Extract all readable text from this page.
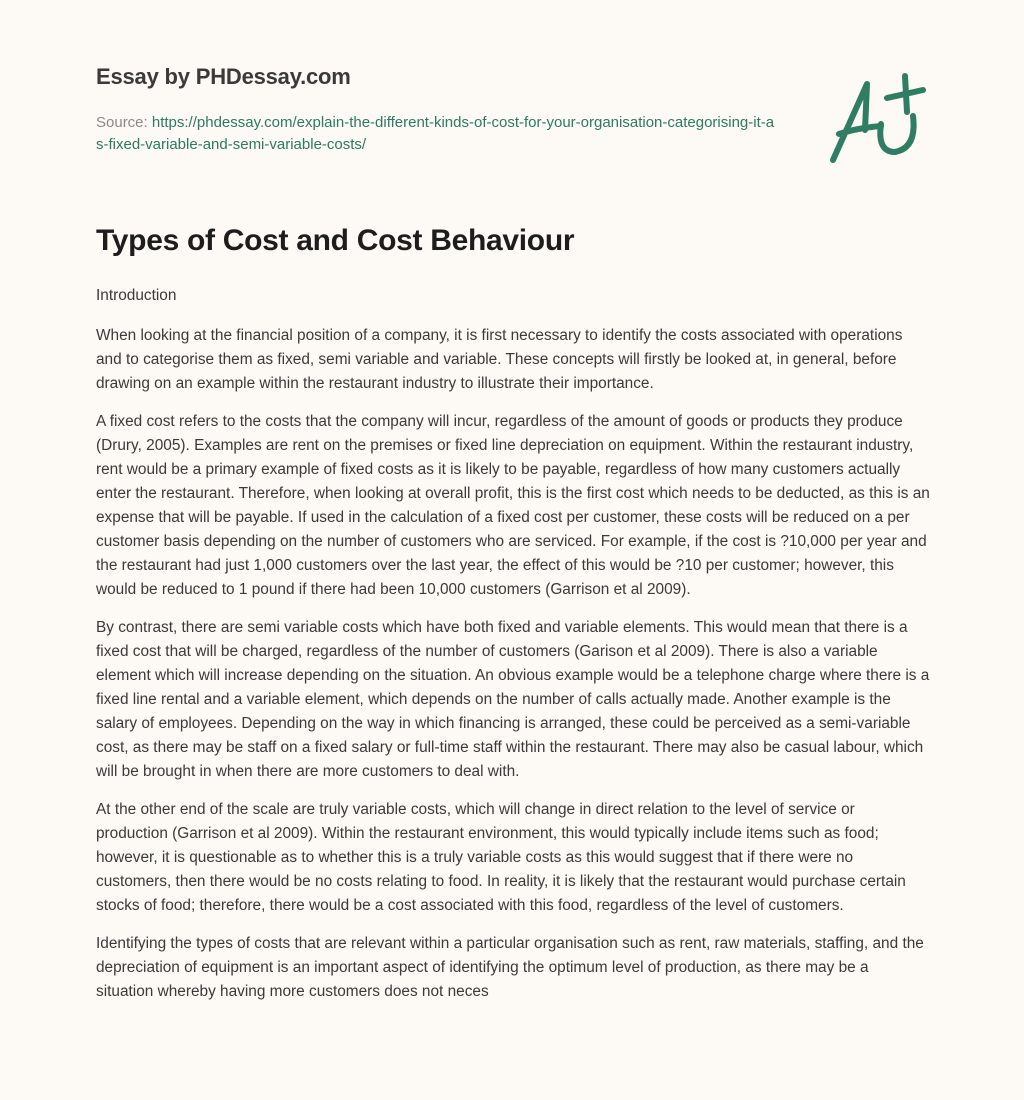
Essay by PHDessay.com
Source: https://phdessay.com/explain-the-different-kinds-of-cost-for-your-organisation-categorising-it-as-fixed-variable-and-semi-variable-costs/
Types of Cost and Cost Behaviour

Introduction

When looking at the financial position of a company, it is first necessary to identify the costs associated with operations and to categorise them as fixed, semi variable and variable. These concepts will firstly be looked at, in general, before drawing on an example within the restaurant industry to illustrate their importance.

A fixed cost refers to the costs that the company will incur, regardless of the amount of goods or products they produce (Drury, 2005). Examples are rent on the premises or fixed line depreciation on equipment. Within the restaurant industry, rent would be a primary example of fixed costs as it is likely to be payable, regardless of how many customers actually enter the restaurant. Therefore, when looking at overall profit, this is the first cost which needs to be deducted, as this is an expense that will be payable. If used in the calculation of a fixed cost per customer, these costs will be reduced on a per customer basis depending on the number of customers who are serviced. For example, if the cost is ?10,000 per year and the restaurant had just 1,000 customers over the last year, the effect of this would be ?10 per customer; however, this would be reduced to 1 pound if there had been 10,000 customers (Garrison et al 2009).

By contrast, there are semi variable costs which have both fixed and variable elements. This would mean that there is a fixed cost that will be charged, regardless of the number of customers (Garison et al 2009). There is also a variable element which will increase depending on the situation. An obvious example would be a telephone charge where there is a fixed line rental and a variable element, which depends on the number of calls actually made. Another example is the salary of employees. Depending on the way in which financing is arranged, these could be perceived as a semi-variable cost, as there may be staff on a fixed salary or full-time staff within the restaurant. There may also be casual labour, which will be brought in when there are more customers to deal with.

At the other end of the scale are truly variable costs, which will change in direct relation to the level of service or production (Garrison et al 2009). Within the restaurant environment, this would typically include items such as food; however, it is questionable as to whether this is a truly variable costs as this would suggest that if there were no customers, then there would be no costs relating to food. In reality, it is likely that the restaurant would purchase certain stocks of food; therefore, there would be a cost associated with this food, regardless of the level of customers.

Identifying the types of costs that are relevant within a particular organisation such as rent, raw materials, staffing, and the depreciation of equipment is an important aspect of identifying the optimum level of production, as there may be a situation whereby having more customers does not neces
